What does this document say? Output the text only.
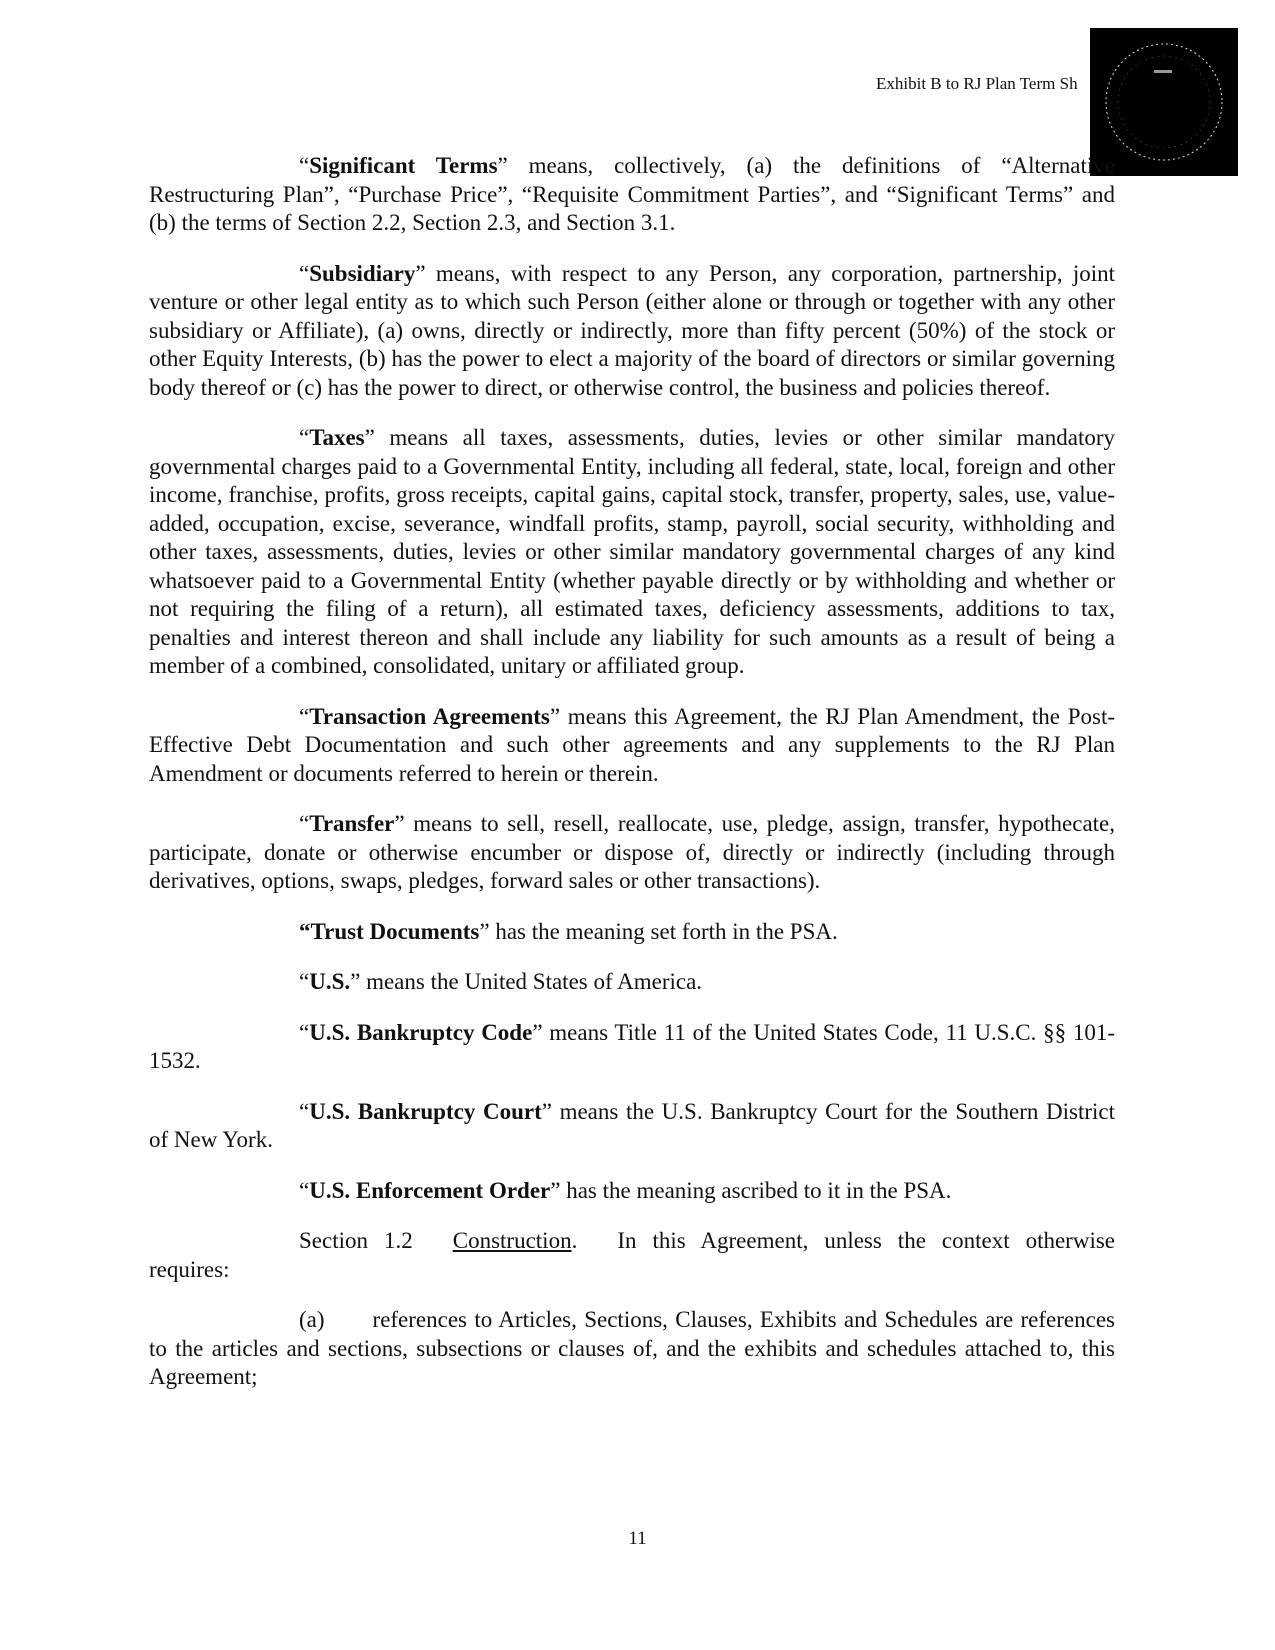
Exhibit B to RJ Plan Term Sh

“Significant Terms” means, collectively, (a) the definitions of “Alternative Restructuring Plan”, “Purchase Price”, “Requisite Commitment Parties”, and “Significant Terms” and (b) the terms of Section 2.2, Section 2.3, and Section 3.1.

“Subsidiary” means, with respect to any Person, any corporation, partnership, joint venture or other legal entity as to which such Person (either alone or through or together with any other subsidiary or Affiliate), (a) owns, directly or indirectly, more than fifty percent (50%) of the stock or other Equity Interests, (b) has the power to elect a majority of the board of directors or similar governing body thereof or (c) has the power to direct, or otherwise control, the business and policies thereof.

“Taxes” means all taxes, assessments, duties, levies or other similar mandatory governmental charges paid to a Governmental Entity, including all federal, state, local, foreign and other income, franchise, profits, gross receipts, capital gains, capital stock, transfer, property, sales, use, value-added, occupation, excise, severance, windfall profits, stamp, payroll, social security, withholding and other taxes, assessments, duties, levies or other similar mandatory governmental charges of any kind whatsoever paid to a Governmental Entity (whether payable directly or by withholding and whether or not requiring the filing of a return), all estimated taxes, deficiency assessments, additions to tax, penalties and interest thereon and shall include any liability for such amounts as a result of being a member of a combined, consolidated, unitary or affiliated group.

“Transaction Agreements” means this Agreement, the RJ Plan Amendment, the Post-Effective Debt Documentation and such other agreements and any supplements to the RJ Plan Amendment or documents referred to herein or therein.

“Transfer” means to sell, resell, reallocate, use, pledge, assign, transfer, hypothecate, participate, donate or otherwise encumber or dispose of, directly or indirectly (including through derivatives, options, swaps, pledges, forward sales or other transactions).

“Trust Documents” has the meaning set forth in the PSA.

“U.S.” means the United States of America.

“U.S. Bankruptcy Code” means Title 11 of the United States Code, 11 U.S.C. §§ 101-1532.

“U.S. Bankruptcy Court” means the U.S. Bankruptcy Court for the Southern District of New York.

“U.S. Enforcement Order” has the meaning ascribed to it in the PSA.

Section 1.2 Construction. In this Agreement, unless the context otherwise requires:

(a) references to Articles, Sections, Clauses, Exhibits and Schedules are references to the articles and sections, subsections or clauses of, and the exhibits and schedules attached to, this Agreement;

11
